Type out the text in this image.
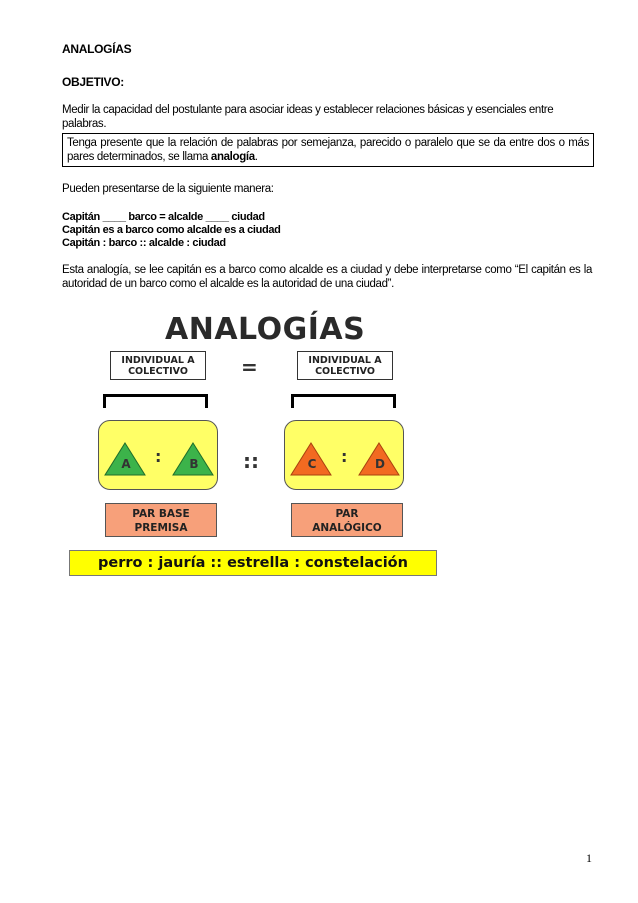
ANALOGÍAS
OBJETIVO:
Medir la capacidad del postulante para asociar ideas y establecer relaciones básicas y esenciales entre palabras.
Tenga presente que la relación de palabras por semejanza, parecido o paralelo que se da entre dos o más pares determinados, se llama analogía.
Pueden presentarse de la siguiente manera:
Capitán ____ barco = alcalde ____ ciudad
Capitán es a barco como alcalde es a ciudad
Capitán : barco :: alcalde : ciudad
Esta analogía, se lee capitán es a barco como alcalde es a ciudad y debe interpretarse como “El capitán es la autoridad de un barco como el alcalde es la autoridad de una ciudad”.
ANALOGÍAS
INDIVIDUAL A
COLECTIVO	=	INDIVIDUAL A
COLECTIVO
A : B ::	C : D
PAR BASE
PREMISA
PAR
ANALÓGICO
perro : jauría :: estrella : constelación
1
